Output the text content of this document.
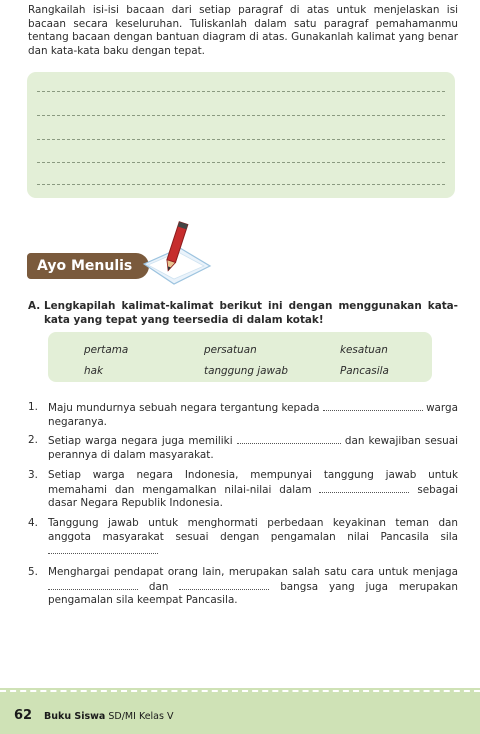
Rangkailah isi-isi bacaan dari setiap paragraf di atas untuk menjelaskan isi bacaan secara keseluruhan. Tuliskanlah dalam satu paragraf pemahamanmu tentang bacaan dengan bantuan diagram di atas. Gunakanlah kalimat yang benar dan kata-kata baku dengan tepat.
Ayo Menulis
A. Lengkapilah kalimat-kalimat berikut ini dengan menggunakan kata-kata yang tepat yang teersedia di dalam kotak!
pertama	persatuan	kesatuan
hak	tanggung jawab	Pancasila
1. Maju mundurnya sebuah negara tergantung kepada	warga negaranya.
2. Setiap warga negara juga memiliki	dan kewajiban sesuai perannya di dalam masyarakat.
3. Setiap warga negara Indonesia, mempunyai tanggung jawab untuk memahami dan mengamalkan nilai-nilai dalam	sebagai dasar Negara Republik Indonesia.
4. Tanggung jawab untuk menghormati perbedaan keyakinan teman dan anggota masyarakat sesuai dengan pengamalan nilai Pancasila sila
5. Menghargai pendapat orang lain, merupakan salah satu cara untuk menjaga  dan	bangsa yang juga merupakan pengamalan sila keempat Pancasila.
62 Buku Siswa SD/MI Kelas V
